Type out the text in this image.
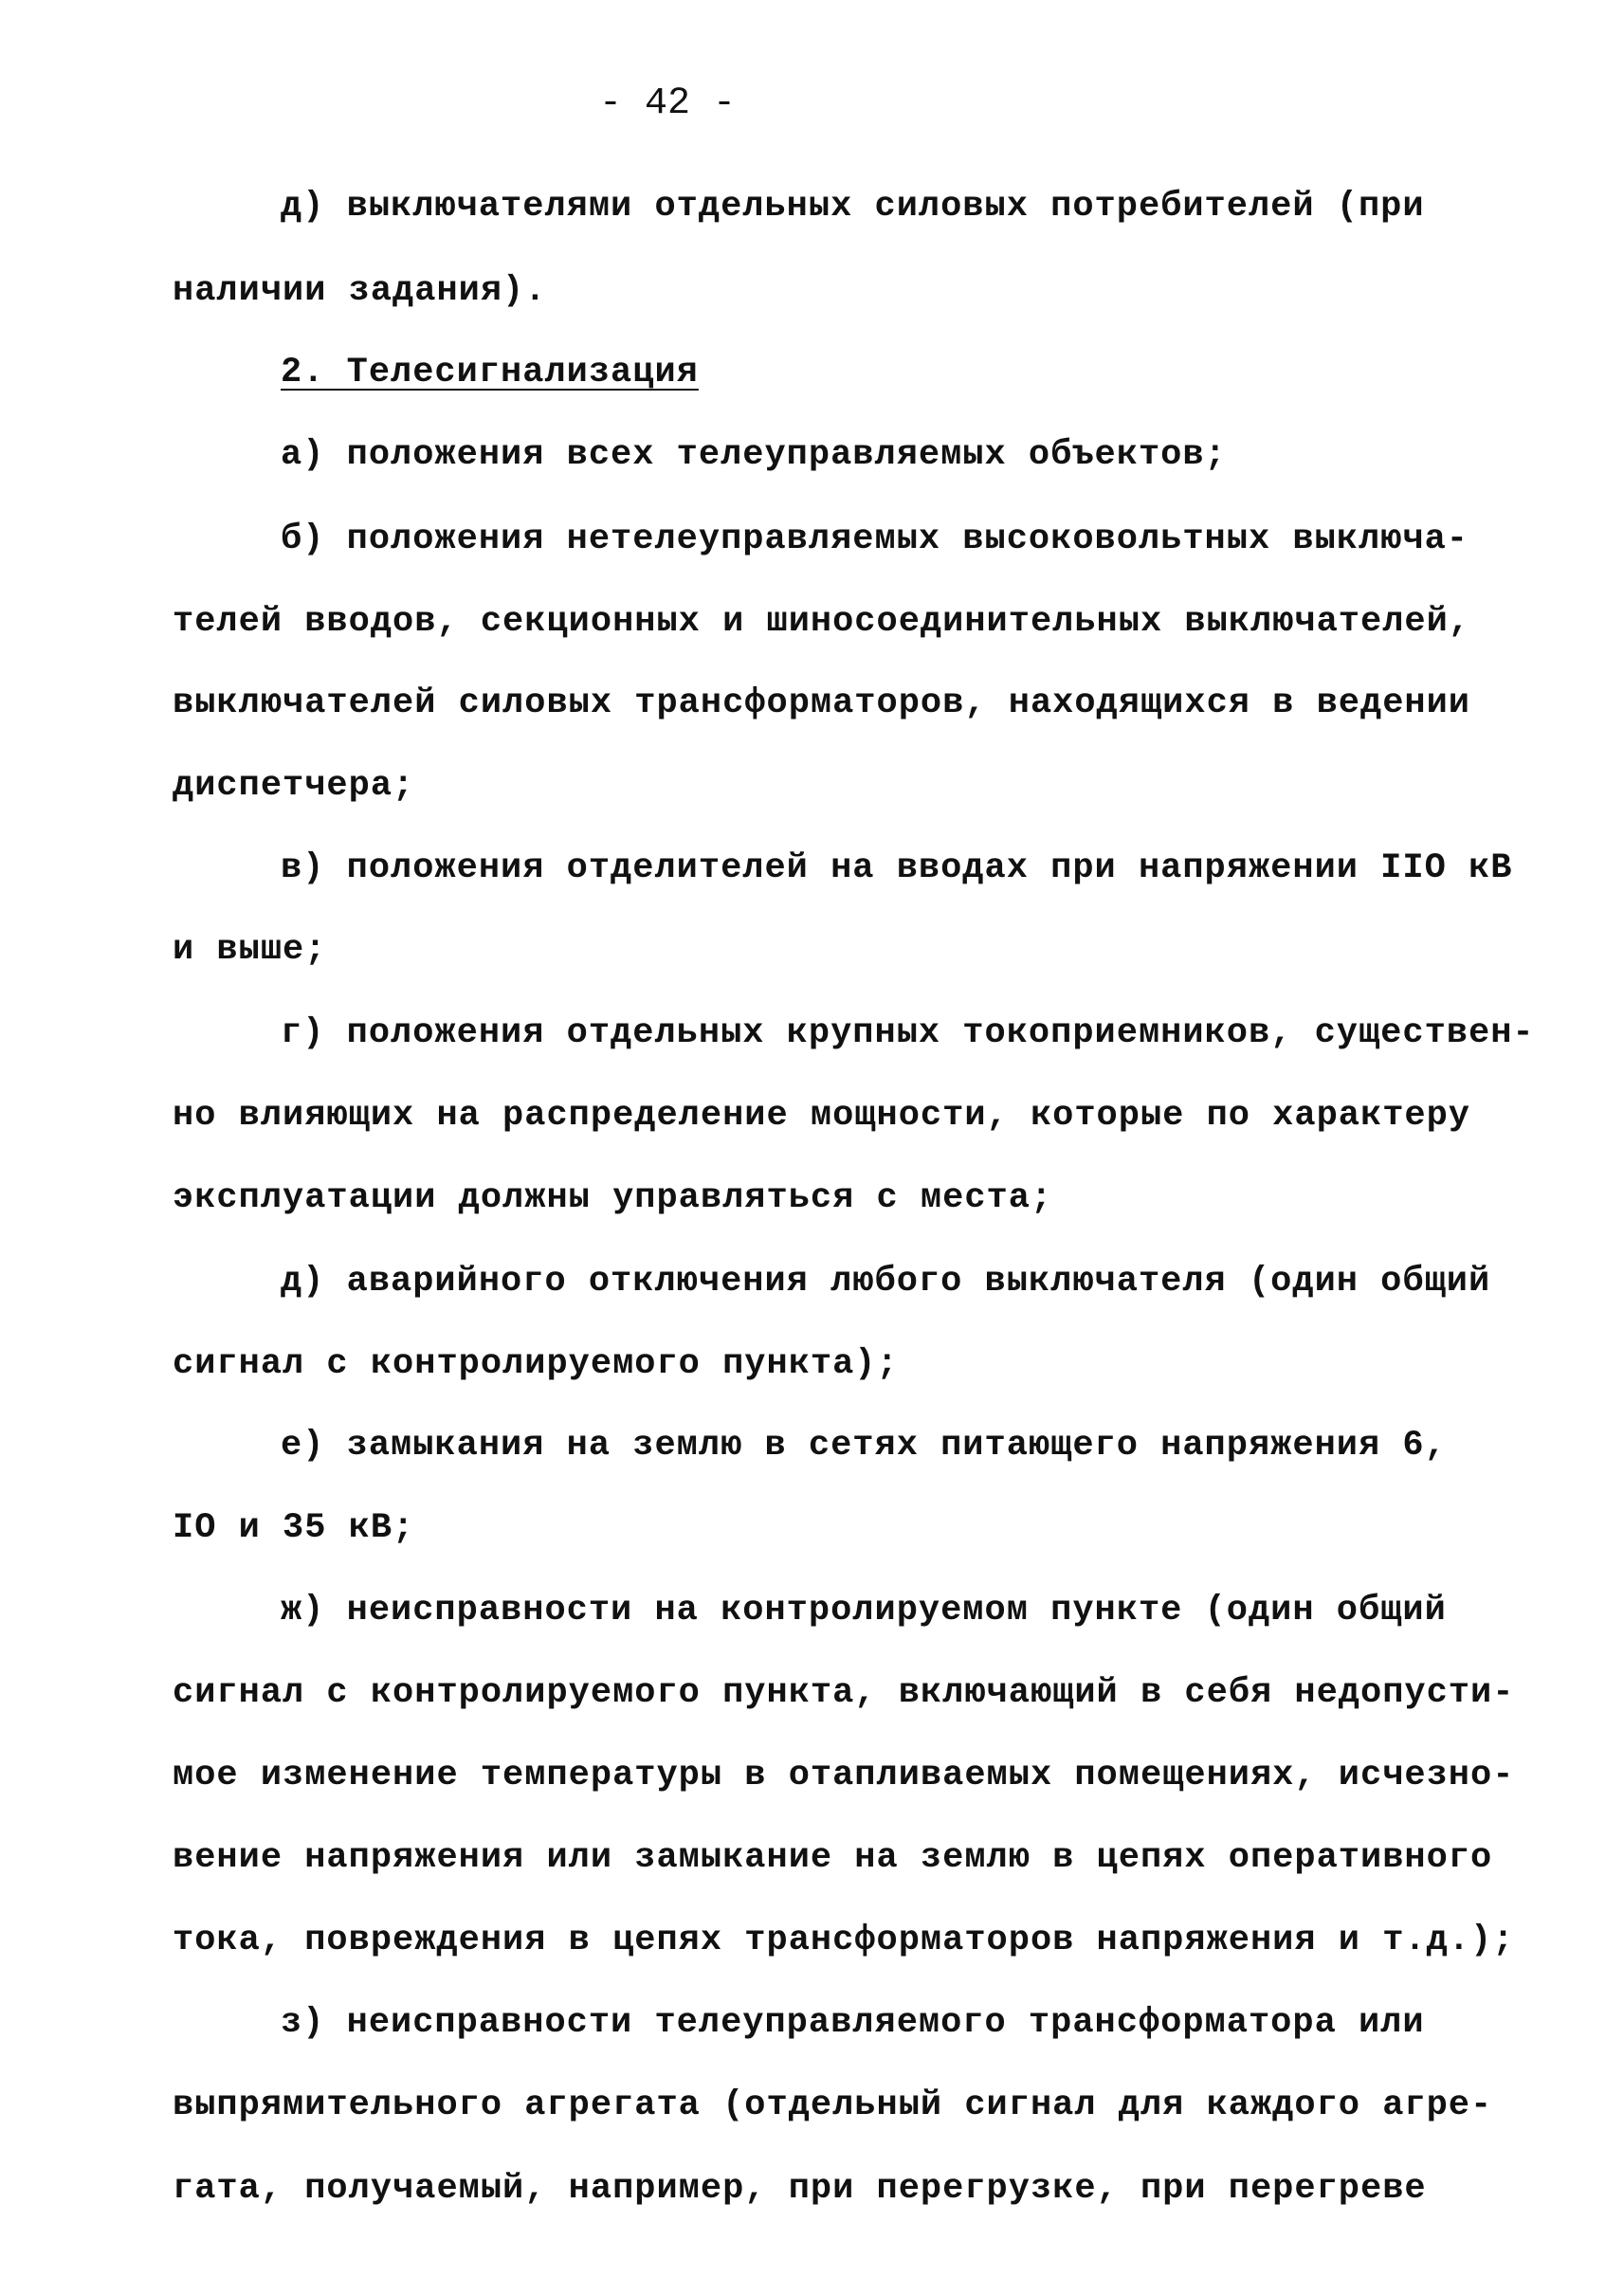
- 42 -
д) выключателями отдельных силовых потребителей (при
наличии задания).
2. Телесигнализация
а) положения всех телеуправляемых объектов;
б) положения нетелеуправляемых высоковольтных выключа-
телей вводов, секционных и шиносоединительных выключателей,
выключателей силовых трансформаторов, находящихся в ведении
диспетчера;
в) положения отделителей на вводах при напряжении IIO кВ
и выше;
г) положения отдельных крупных токоприемников, существен-
но влияющих на распределение мощности, которые по характеру
эксплуатации должны управляться с места;
д) аварийного отключения любого выключателя (один общий
сигнал с контролируемого пункта);
е) замыкания на землю в сетях питающего напряжения 6,
IO и 35 кВ;
ж) неисправности на контролируемом пункте (один общий
сигнал с контролируемого пункта, включающий в себя недопусти-
мое изменение температуры в отапливаемых помещениях, исчезно-
вение напряжения или замыкание на землю в цепях оперативного
тока, повреждения в цепях трансформаторов напряжения и т.д.);
з) неисправности телеуправляемого трансформатора или
выпрямительного агрегата (отдельный сигнал для каждого агре-
гата, получаемый, например, при перегрузке, при перегреве
